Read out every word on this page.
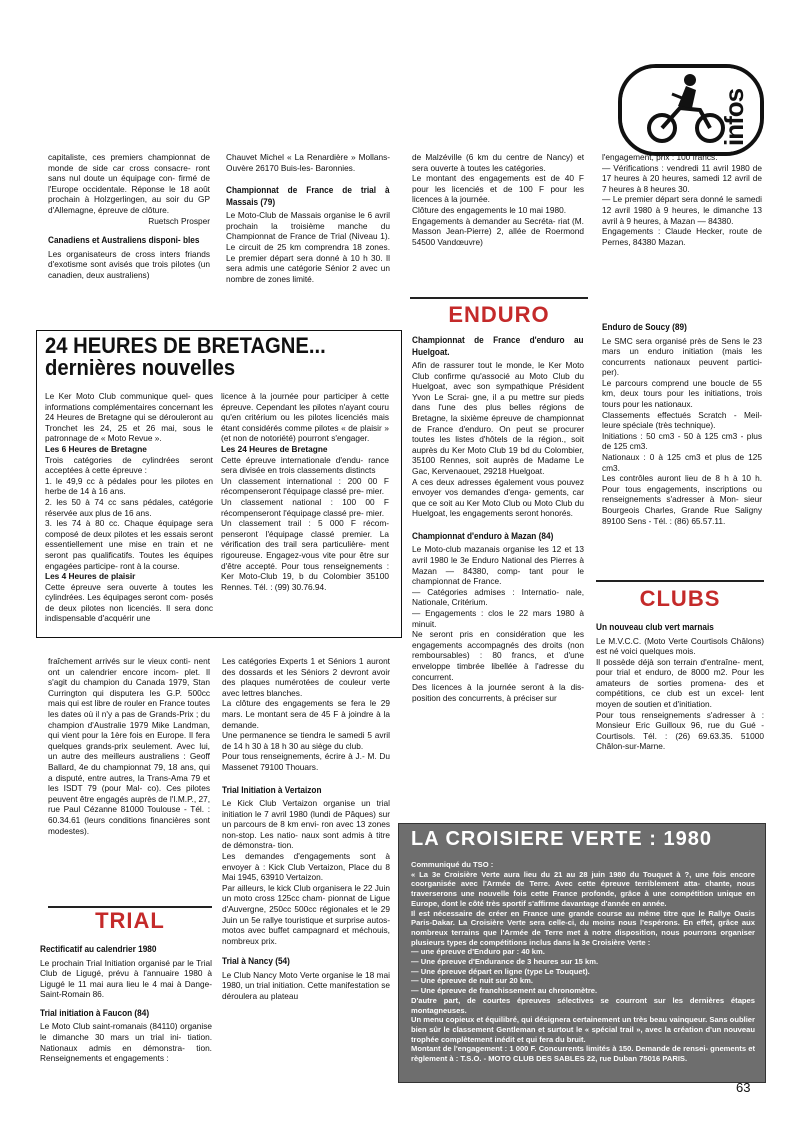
infos

capitaliste, ces premiers championnat de monde de side car cross consacre- ront sans nul doute un équipage con- firmé de l'Europe occidentale. Réponse le 18 août prochain à Holzgerlingen, au soir du GP d'Allemagne, épreuve de clôture.

Ruetsch Prosper
Canadiens et Australiens disponi- bles

Les organisateurs de cross inters friands d'exotisme sont avisés que trois pilotes (un canadien, deux australiens)

Chauvet Michel « La Renardière » Mollans-Ouvère 26170 Buis-les- Baronnies.

Championnat de France de trial à Massais (79)

Le Moto-Club de Massais organise le 6 avril prochain la troisième manche du Championnat de France de Trial (Niveau 1). Le circuit de 25 km comprendra 18 zones. Le premier départ sera donné à 10 h 30. Il sera admis une catégorie Sénior 2 avec un nombre de zones limité.

de Malzéville (6 km du centre de Nancy) et sera ouverte à toutes les catégories.

Le montant des engagements est de 40 F pour les licenciés et de 100 F pour les licences à la journée.

Clôture des engagements le 10 mai 1980.

Engagements à demander au Secréta- riat (M. Masson Jean-Pierre) 2, allée de Roermond 54500 Vandœuvre)

l'engagement, prix : 100 francs.

— Vérifications : vendredi 11 avril 1980 de 17 heures à 20 heures, samedi 12 avril de 7 heures à 8 heures 30.

— Le premier départ sera donné le samedi 12 avril 1980 à 9 heures, le dimanche 13 avril à 9 heures, à Mazan — 84380.

Engagements : Claude Hecker, route de Pernes, 84380 Mazan.

ENDURO
24 HEURES DE BRETAGNE...
dernières nouvelles

Le Ker Moto Club communique quel- ques informations complémentaires concernant les 24 Heures de Bretagne qui se dérouleront au Tronchet les 24, 25 et 26 mai, sous le patronnage de « Moto Revue ».

Les 6 Heures de Bretagne

Trois catégories de cylindrées seront acceptées à cette épreuve :

1. le 49,9 cc à pédales pour les pilotes en herbe de 14 à 16 ans.

2. les 50 à 74 cc sans pédales, catégorie réservée aux plus de 16 ans.

3. les 74 à 80 cc. Chaque équipage sera composé de deux pilotes et les essais seront essentiellement une mise en train et ne seront pas qualificatifs. Toutes les équipes engagées participe- ront à la course.

Les 4 Heures de plaisir

Cette épreuve sera ouverte à toutes les cylindrées. Les équipages seront com- posés de deux pilotes non licenciés. Il sera donc indispensable d'acquérir une

licence à la journée pour participer à cette épreuve. Cependant les pilotes n'ayant couru qu'en critérium ou les pilotes licenciés mais étant considérés comme pilotes « de plaisir » (et non de notoriété) pourront s'engager.

Les 24 Heures de Bretagne

Cette épreuve internationale d'endu- rance sera divisée en trois classements distincts

Un classement international : 200 00 F récompenseront l'équipage classé pre- mier.

Un classement national : 100 00 F récompenseront l'équipage classé pre- mier.

Un classement trail : 5 000 F récom- penseront l'équipage classé premier. La vérification des trail sera particulière- ment rigoureuse. Engagez-vous vite pour être sur d'être accepté. Pour tous renseignements : Ker Moto-Club 19, b du Colombier 35100 Rennes. Tél. : (99) 30.76.94.

Championnat de France d'enduro au Huelgoat.

Afin de rassurer tout le monde, le Ker Moto Club confirme qu'associé au Moto Club du Huelgoat, avec son sympathique Président Yvon Le Scrai- gne, il a pu mettre sur pieds dans l'une des plus belles régions de Bretagne, la sixième épreuve de championnat de France d'enduro. On peut se procurer toutes les listes d'hôtels de la région., soit auprès du Ker Moto Club 19 bd du Colombier, 35100 Rennes, soit auprès de Madame Le Gac, Kervenaouet, 29218 Huelgoat.

A ces deux adresses également vous pouvez envoyer vos demandes d'enga- gements, car que ce soit au Ker Moto Club ou Moto Club du Huelgoat, les engagements seront honorés.

Championnat d'enduro à Mazan (84)

Le Moto-club mazanais organise les 12 et 13 avril 1980 le 3e Enduro National des Pierres à Mazan — 84380, comp- tant pour le championnat de France.

— Catégories admises : Internatio- nale, Nationale, Critérium.

— Engagements : clos le 22 mars 1980 à minuit.

Ne seront pris en considération que les engagements accompagnés des droits (non remboursables) : 80 francs, et d'une enveloppe timbrée libellée à l'adresse du concurrent.

Des licences à la journée seront à la dis- position des concurrents, à préciser sur

Enduro de Soucy (89)

Le SMC sera organisé près de Sens le 23 mars un enduro initiation (mais les concurrents nationaux peuvent partici- per).

Le parcours comprend une boucle de 55 km, deux tours pour les initiations, trois tours pour les nationaux.

Classements effectués Scratch - Meil- leure spéciale (très technique).

Initiations : 50 cm3 - 50 à 125 cm3 - plus de 125 cm3.

Nationaux : 0 à 125 cm3 et plus de 125 cm3.

Les contrôles auront lieu de 8 h à 10 h. Pour tous engagements, inscriptions ou renseignements s'adresser à Mon- sieur Bourgeois Charles, Grande Rue Saligny 89100 Sens - Tél. : (86) 65.57.11.

CLUBS
Un nouveau club vert marnais

Le M.V.C.C. (Moto Verte Courtisols Châlons) est né voici quelques mois.

Il possède déjà son terrain d'entraîne- ment, pour trial et enduro, de 8000 m2. Pour les amateurs de sorties promena- des et compétitions, ce club est un excel- lent moyen de soutien et d'initiation.

Pour tous renseignements s'adresser à : Monsieur Eric Guilloux 96, rue du Gué - Courtisols. Tél. : (26) 69.63.35. 51000 Châlon-sur-Marne.

fraîchement arrivés sur le vieux conti- nent ont un calendrier encore incom- plet. Il s'agit du champion du Canada 1979, Stan Currington qui disputera les G.P. 500cc mais qui est libre de rouler en France toutes les dates où il n'y a pas de Grands-Prix ; du champion d'Australie 1979 Mike Landman, qui vient pour la 1ère fois en Europe. Il fera quelques grands-prix seulement. Avec lui, un autre des meilleurs australiens : Geoff Ballard, 4e du championnat 79, 18 ans, qui a disputé, entre autres, la Trans-Ama 79 et les ISDT 79 (pour Mal- co). Ces pilotes peuvent être engagés auprès de l'I.M.P., 27, rue Paul Cézanne 81000 Toulouse - Tél. : 60.34.61 (leurs conditions financières sont modestes).

TRIAL
Rectificatif au calendrier 1980

Le prochain Trial Initiation organisé par le Trial Club de Ligugé, prévu à l'annuaire 1980 à Ligugé le 11 mai aura lieu le 4 mai à Dange-Saint-Romain 86.

Trial initiation à Faucon (84)

Le Moto Club saint-romanais (84110) organise le dimanche 30 mars un trial ini- tiation. Nationaux admis en démonstra- tion. Renseignements et engagements :

Les catégories Experts 1 et Séniors 1 auront des dossards et les Séniors 2 devront avoir des plaques numérotées de couleur verte avec lettres blanches.

La clôture des engagements se fera le 29 mars. Le montant sera de 45 F à joindre à la demande.

Une permanence se tiendra le samedi 5 avril de 14 h 30 à 18 h 30 au siège du club.

Pour tous renseignements, écrire à J.- M. Du Massenet 79100 Thouars.

Trial Initiation à Vertaizon

Le Kick Club Vertaizon organise un trial initiation le 7 avril 1980 (lundi de Pâques) sur un parcours de 8 km envi- ron avec 13 zones non-stop. Les natio- naux sont admis à titre de démonstra- tion.

Les demandes d'engagements sont à envoyer à : Kick Club Vertaizon, Place du 8 Mai 1945, 63910 Vertaizon.

Par ailleurs, le kick Club organisera le 22 Juin un moto cross 125cc cham- pionnat de Ligue d'Auvergne, 250cc 500cc régionales et le 29 Juin un 5e rallye touristique et surprise autos- motos avec buffet campagnard et méchouis, nombreux prix.

Trial à Nancy (54)

Le Club Nancy Moto Verte organise le 18 mai 1980, un trial initiation. Cette manifestation se déroulera au plateau

LA CROISIERE VERTE : 1980

Communiqué du TSO :

« La 3e Croisière Verte aura lieu du 21 au 28 juin 1980 du Touquet à ?, une fois encore coorganisée avec l'Armée de Terre. Avec cette épreuve terriblement atta- chante, nous traverserons une nouvelle fois cette France profonde, grâce à une compétition unique en Europe, dont le côté très sportif s'affirme davantage d'année en année.

Il est nécessaire de créer en France une grande course au même titre que le Rallye Oasis Paris-Dakar. La Croisière Verte sera celle-ci, du moins nous l'espérons. En effet, grâce aux nombreux terrains que l'Armée de Terre met à notre disposition, nous pourrons organiser plusieurs types de compétitions inclus dans la 3e Croisière Verte :

— une épreuve d'Enduro par : 40 km.

— Une épreuve d'Endurance de 3 heures sur 15 km.

— Une épreuve départ en ligne (type Le Touquet).

— Une épreuve de nuit sur 20 km.

— Une épreuve de franchissement au chronomètre.

D'autre part, de courtes épreuves sélectives se courront sur les dernières étapes montagneuses.

Un menu copieux et équilibré, qui désignera certainement un très beau vainqueur. Sans oublier bien sûr le classement Gentleman et surtout le « spécial trail », avec la création d'un nouveau trophée complètement inédit et qui fera du bruit.

Montant de l'engagement : 1 000 F. Concurrents limités à 150. Demande de rensei- gnements et règlement à : T.S.O. - MOTO CLUB DES SABLES 22, rue Duban 75016 PARIS.

63
